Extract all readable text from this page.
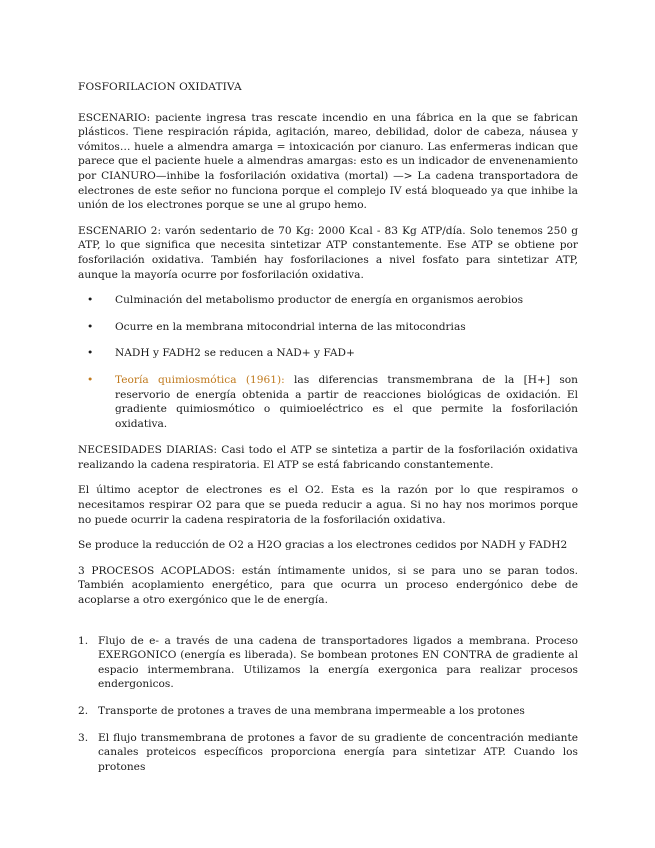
FOSFORILACION OXIDATIVA

ESCENARIO: paciente ingresa tras rescate incendio en una fábrica en la que se fabrican plásticos. Tiene respiración rápida, agitación, mareo, debilidad, dolor de cabeza, náusea y vómitos… huele a almendra amarga = intoxicación por cianuro. Las enfermeras indican que parece que el paciente huele a almendras amargas: esto es un indicador de envenenamiento por CIANURO—inhibe la fosforilación oxidativa (mortal) —> La cadena transportadora de electrones de este señor no funciona porque el complejo IV está bloqueado ya que inhibe la unión de los electrones porque se une al grupo hemo.

ESCENARIO 2: varón sedentario de 70 Kg: 2000 Kcal - 83 Kg ATP/día. Solo tenemos 250 g ATP, lo que significa que necesita sintetizar ATP constantemente. Ese ATP se obtiene por fosforilación oxidativa. También hay fosforilaciones a nivel fosfato para sintetizar ATP, aunque la mayoría ocurre por fosforilación oxidativa.

• Culminación del metabolismo productor de energía en organismos aerobios
• Ocurre en la membrana mitocondrial interna de las mitocondrias
• NADH y FADH2 se reducen a NAD+ y FAD+
• Teoría quimiosmótica (1961): las diferencias transmembrana de la [H+] son reservorio de energía obtenida a partir de reacciones biológicas de oxidación. El gradiente quimiosmótico o quimioeléctrico es el que permite la fosforilación oxidativa.

NECESIDADES DIARIAS: Casi todo el ATP se sintetiza a partir de la fosforilación oxidativa realizando la cadena respiratoria. El ATP se está fabricando constantemente.

El último aceptor de electrones es el O2. Esta es la razón por lo que respiramos o necesitamos respirar O2 para que se pueda reducir a agua. Si no hay nos morimos porque no puede ocurrir la cadena respiratoria de la fosforilación oxidativa.

Se produce la reducción de O2 a H2O gracias a los electrones cedidos por NADH y FADH2

3 PROCESOS ACOPLADOS: están íntimamente unidos, si se para uno se paran todos. También acoplamiento energético, para que ocurra un proceso endergónico debe de acoplarse a otro exergónico que le de energía.

1. Flujo de e- a través de una cadena de transportadores ligados a membrana. Proceso EXERGONICO (energía es liberada). Se bombean protones EN CONTRA de gradiente al espacio intermembrana. Utilizamos la energía exergonica para realizar procesos endergonicos.
2. Transporte de protones a traves de una membrana impermeable a los protones
3. El flujo transmembrana de protones a favor de su gradiente de concentración mediante canales proteicos específicos proporciona energía para sintetizar ATP. Cuando los protones
